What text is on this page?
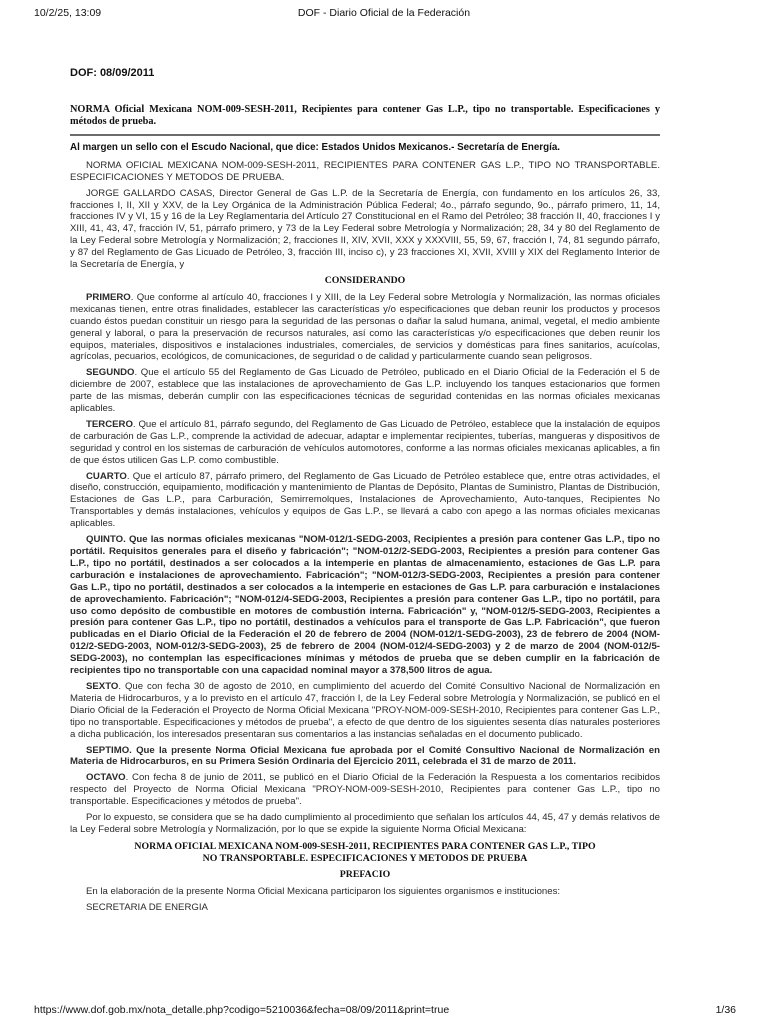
10/2/25, 13:09	DOF - Diario Oficial de la Federación
DOF: 08/09/2011
NORMA Oficial Mexicana NOM-009-SESH-2011, Recipientes para contener Gas L.P., tipo no transportable. Especificaciones y métodos de prueba.
Al margen un sello con el Escudo Nacional, que dice: Estados Unidos Mexicanos.- Secretaría de Energía.

NORMA OFICIAL MEXICANA NOM-009-SESH-2011, RECIPIENTES PARA CONTENER GAS L.P., TIPO NO TRANSPORTABLE. ESPECIFICACIONES Y METODOS DE PRUEBA.

JORGE GALLARDO CASAS, Director General de Gas L.P. de la Secretaría de Energía, con fundamento en los artículos 26, 33, fracciones I, II, XII y XXV, de la Ley Orgánica de la Administración Pública Federal; 4o., párrafo segundo, 9o., párrafo primero, 11, 14, fracciones IV y VI, 15 y 16 de la Ley Reglamentaria del Artículo 27 Constitucional en el Ramo del Petróleo; 38 fracción II, 40, fracciones I y XIII, 41, 43, 47, fracción IV, 51, párrafo primero, y 73 de la Ley Federal sobre Metrología y Normalización; 28, 34 y 80 del Reglamento de la Ley Federal sobre Metrología y Normalización; 2, fracciones II, XIV, XVII, XXX y XXXVIII, 55, 59, 67, fracción I, 74, 81 segundo párrafo, y 87 del Reglamento de Gas Licuado de Petróleo, 3, fracción III, inciso c), y 23 fracciones XI, XVII, XVIII y XIX del Reglamento Interior de la Secretaría de Energía, y

CONSIDERANDO

PRIMERO. Que conforme al artículo 40, fracciones I y XIII, de la Ley Federal sobre Metrología y Normalización, las normas oficiales mexicanas tienen, entre otras finalidades, establecer las características y/o especificaciones que deban reunir los productos y procesos cuando éstos puedan constituir un riesgo para la seguridad de las personas o dañar la salud humana, animal, vegetal, el medio ambiente general y laboral, o para la preservación de recursos naturales, así como las características y/o especificaciones que deben reunir los equipos, materiales, dispositivos e instalaciones industriales, comerciales, de servicios y domésticas para fines sanitarios, acuícolas, agrícolas, pecuarios, ecológicos, de comunicaciones, de seguridad o de calidad y particularmente cuando sean peligrosos.

SEGUNDO. Que el artículo 55 del Reglamento de Gas Licuado de Petróleo, publicado en el Diario Oficial de la Federación el 5 de diciembre de 2007, establece que las instalaciones de aprovechamiento de Gas L.P. incluyendo los tanques estacionarios que formen parte de las mismas, deberán cumplir con las especificaciones técnicas de seguridad contenidas en las normas oficiales mexicanas aplicables.

TERCERO. Que el artículo 81, párrafo segundo, del Reglamento de Gas Licuado de Petróleo, establece que la instalación de equipos de carburación de Gas L.P., comprende la actividad de adecuar, adaptar e implementar recipientes, tuberías, mangueras y dispositivos de seguridad y control en los sistemas de carburación de vehículos automotores, conforme a las normas oficiales mexicanas aplicables, a fin de que éstos utilicen Gas L.P. como combustible.

CUARTO. Que el artículo 87, párrafo primero, del Reglamento de Gas Licuado de Petróleo establece que, entre otras actividades, el diseño, construcción, equipamiento, modificación y mantenimiento de Plantas de Depósito, Plantas de Suministro, Plantas de Distribución, Estaciones de Gas L.P., para Carburación, Semirremolques, Instalaciones de Aprovechamiento, Auto-tanques, Recipientes No Transportables y demás instalaciones, vehículos y equipos de Gas L.P., se llevará a cabo con apego a las normas oficiales mexicanas aplicables.

QUINTO. Que las normas oficiales mexicanas "NOM-012/1-SEDG-2003, Recipientes a presión para contener Gas L.P., tipo no portátil. Requisitos generales para el diseño y fabricación"; "NOM-012/2-SEDG-2003, Recipientes a presión para contener Gas L.P., tipo no portátil, destinados a ser colocados a la intemperie en plantas de almacenamiento, estaciones de Gas L.P. para carburación e instalaciones de aprovechamiento. Fabricación"; "NOM-012/3-SEDG-2003, Recipientes a presión para contener Gas L.P., tipo no portátil, destinados a ser colocados a la intemperie en estaciones de Gas L.P. para carburación e instalaciones de aprovechamiento. Fabricación"; "NOM-012/4-SEDG-2003, Recipientes a presión para contener Gas L.P., tipo no portátil, para uso como depósito de combustible en motores de combustión interna. Fabricación" y, "NOM-012/5-SEDG-2003, Recipientes a presión para contener Gas L.P., tipo no portátil, destinados a vehículos para el transporte de Gas L.P. Fabricación", que fueron publicadas en el Diario Oficial de la Federación el 20 de febrero de 2004 (NOM-012/1-SEDG-2003), 23 de febrero de 2004 (NOM-012/2-SEDG-2003, NOM-012/3-SEDG-2003), 25 de febrero de 2004 (NOM-012/4-SEDG-2003) y 2 de marzo de 2004 (NOM-012/5-SEDG-2003), no contemplan las especificaciones mínimas y métodos de prueba que se deben cumplir en la fabricación de recipientes tipo no transportable con una capacidad nominal mayor a 378,500 litros de agua.

SEXTO. Que con fecha 30 de agosto de 2010, en cumplimiento del acuerdo del Comité Consultivo Nacional de Normalización en Materia de Hidrocarburos, y a lo previsto en el artículo 47, fracción I, de la Ley Federal sobre Metrología y Normalización, se publicó en el Diario Oficial de la Federación el Proyecto de Norma Oficial Mexicana "PROY-NOM-009-SESH-2010, Recipientes para contener Gas L.P., tipo no transportable. Especificaciones y métodos de prueba", a efecto de que dentro de los siguientes sesenta días naturales posteriores a dicha publicación, los interesados presentaran sus comentarios a las instancias señaladas en el documento publicado.

SEPTIMO. Que la presente Norma Oficial Mexicana fue aprobada por el Comité Consultivo Nacional de Normalización en Materia de Hidrocarburos, en su Primera Sesión Ordinaria del Ejercicio 2011, celebrada el 31 de marzo de 2011.

OCTAVO. Con fecha 8 de junio de 2011, se publicó en el Diario Oficial de la Federación la Respuesta a los comentarios recibidos respecto del Proyecto de Norma Oficial Mexicana "PROY-NOM-009-SESH-2010, Recipientes para contener Gas L.P., tipo no transportable. Especificaciones y métodos de prueba".

Por lo expuesto, se considera que se ha dado cumplimiento al procedimiento que señalan los artículos 44, 45, 47 y demás relativos de la Ley Federal sobre Metrología y Normalización, por lo que se expide la siguiente Norma Oficial Mexicana:

NORMA OFICIAL MEXICANA NOM-009-SESH-2011, RECIPIENTES PARA CONTENER GAS L.P., TIPO
NO TRANSPORTABLE. ESPECIFICACIONES Y METODOS DE PRUEBA
PREFACIO

En la elaboración de la presente Norma Oficial Mexicana participaron los siguientes organismos e instituciones:

SECRETARIA DE ENERGIA

https://www.dof.gob.mx/nota_detalle.php?codigo=5210036&fecha=08/09/2011&print=true	1/36
